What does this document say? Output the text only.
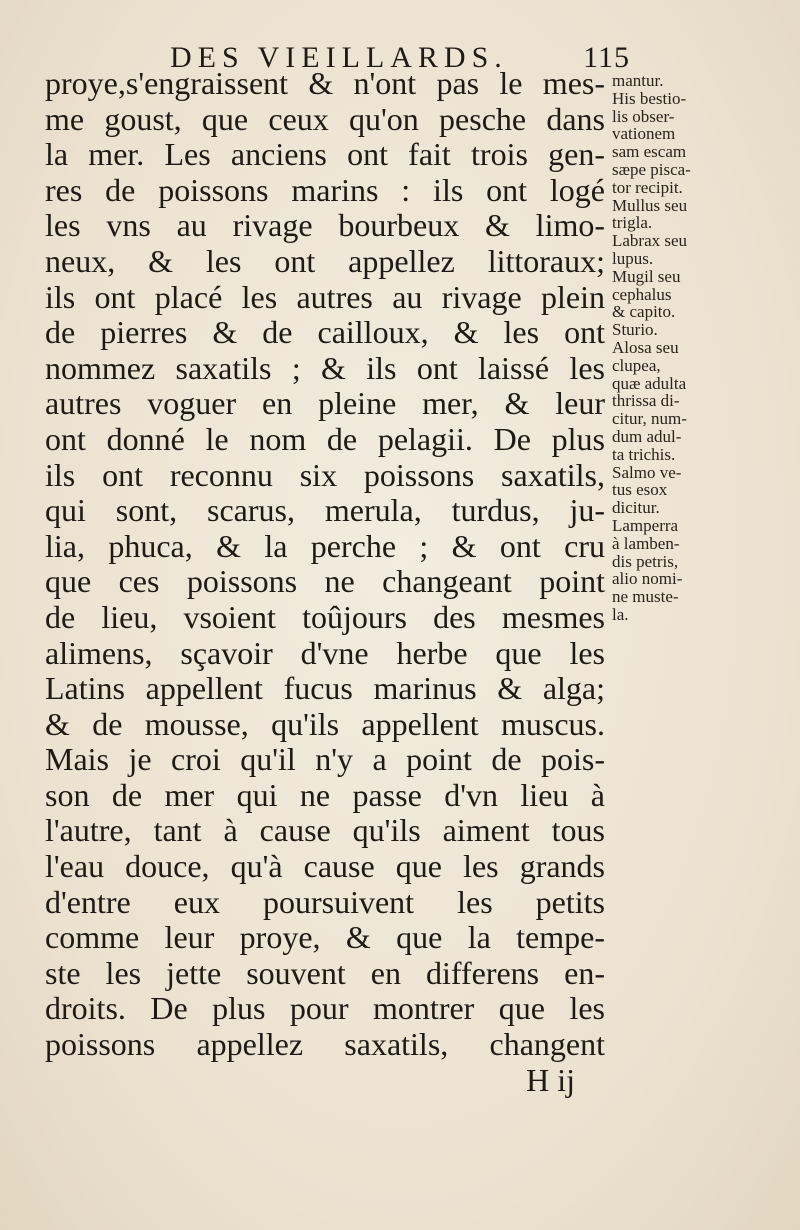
DES VIEILLARDS.	115
proye,s'engraissent & n'ont pas le mes-
me goust, que ceux qu'on pesche dans
la mer. Les anciens ont fait trois gen-
res de poissons marins : ils ont logé
les vns au rivage bourbeux & limo-
neux, & les ont appellez littoraux;
ils ont placé les autres au rivage plein
de pierres & de cailloux, & les ont
nommez saxatils ; & ils ont laissé les
autres voguer en pleine mer, & leur
ont donné le nom de pelagii. De plus
ils ont reconnu six poissons saxatils,
qui sont, scarus, merula, turdus, ju-
lia, phuca, & la perche ; & ont cru
que ces poissons ne changeant point
de lieu, vsoient toûjours des mesmes
alimens, sçavoir d'vne herbe que les
Latins appellent fucus marinus & alga;
& de mousse, qu'ils appellent muscus.
Mais je croi qu'il n'y a point de pois-
son de mer qui ne passe d'vn lieu à
l'autre, tant à cause qu'ils aiment tous
l'eau douce, qu'à cause que les grands
d'entre eux poursuivent les petits
comme leur proye, & que la tempe-
ste les jette souvent en differens en-
droits. De plus pour montrer que les
poissons appellez saxatils, changent
H ij
mantur.
His bestio-
lis obser-
vationem
sam escam
sæpe pisca-
tor recipit.
Mullus seu
trigla.
Labrax seu
lupus.
Mugil seu
cephalus
& capito.
Sturio.
Alosa seu
clupea,
quæ adulta
thrissa di-
citur, num-
dum adul-
ta trichis.
Salmo ve-
tus esox
dicitur.
Lamperra
à lamben-
dis petris,
alio nomi-
ne muste-
la.
